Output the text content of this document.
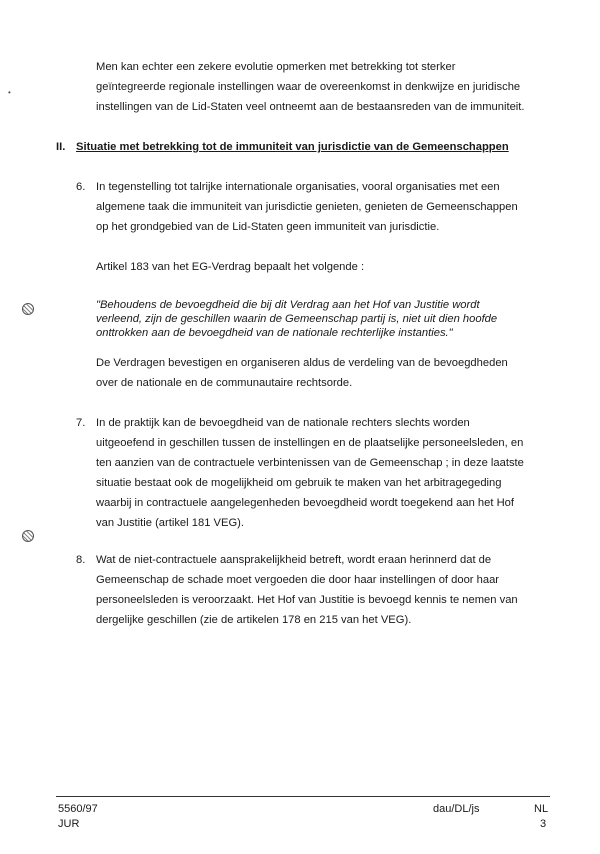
•
Men kan echter een zekere evolutie opmerken met betrekking tot sterker
geïntegreerde regionale instellingen waar de overeenkomst in denkwijze en juridische
instellingen van de Lid-Staten veel ontneemt aan de bestaansreden van de immuniteit.
II. Situatie met betrekking tot de immuniteit van jurisdictie van de Gemeenschappen
6. In tegenstelling tot talrijke internationale organisaties, vooral organisaties met een
algemene taak die immuniteit van jurisdictie genieten, genieten de Gemeenschappen
op het grondgebied van de Lid-Staten geen immuniteit van jurisdictie.
Artikel 183 van het EG-Verdrag bepaalt het volgende :
"Behoudens de bevoegdheid die bij dit Verdrag aan het Hof van Justitie wordt
verleend, zijn de geschillen waarin de Gemeenschap partij is, niet uit dien hoofde
onttrokken aan de bevoegdheid van de nationale rechterlijke instanties."
De Verdragen bevestigen en organiseren aldus de verdeling van de bevoegdheden
over de nationale en de communautaire rechtsorde.
7. In de praktijk kan de bevoegdheid van de nationale rechters slechts worden
uitgeoefend in geschillen tussen de instellingen en de plaatselijke personeelsleden, en
ten aanzien van de contractuele verbintenissen van de Gemeenschap ; in deze laatste
situatie bestaat ook de mogelijkheid om gebruik te maken van het arbitragegeding
waarbij in contractuele aangelegenheden bevoegdheid wordt toegekend aan het Hof
van Justitie (artikel 181 VEG).
8. Wat de niet-contractuele aansprakelijkheid betreft, wordt eraan herinnerd dat de
Gemeenschap de schade moet vergoeden die door haar instellingen of door haar
personeelsleden is veroorzaakt. Het Hof van Justitie is bevoegd kennis te nemen van
dergelijke geschillen (zie de artikelen 178 en 215 van het VEG).
5560/97
JUR
dau/DL/js	NL
3
